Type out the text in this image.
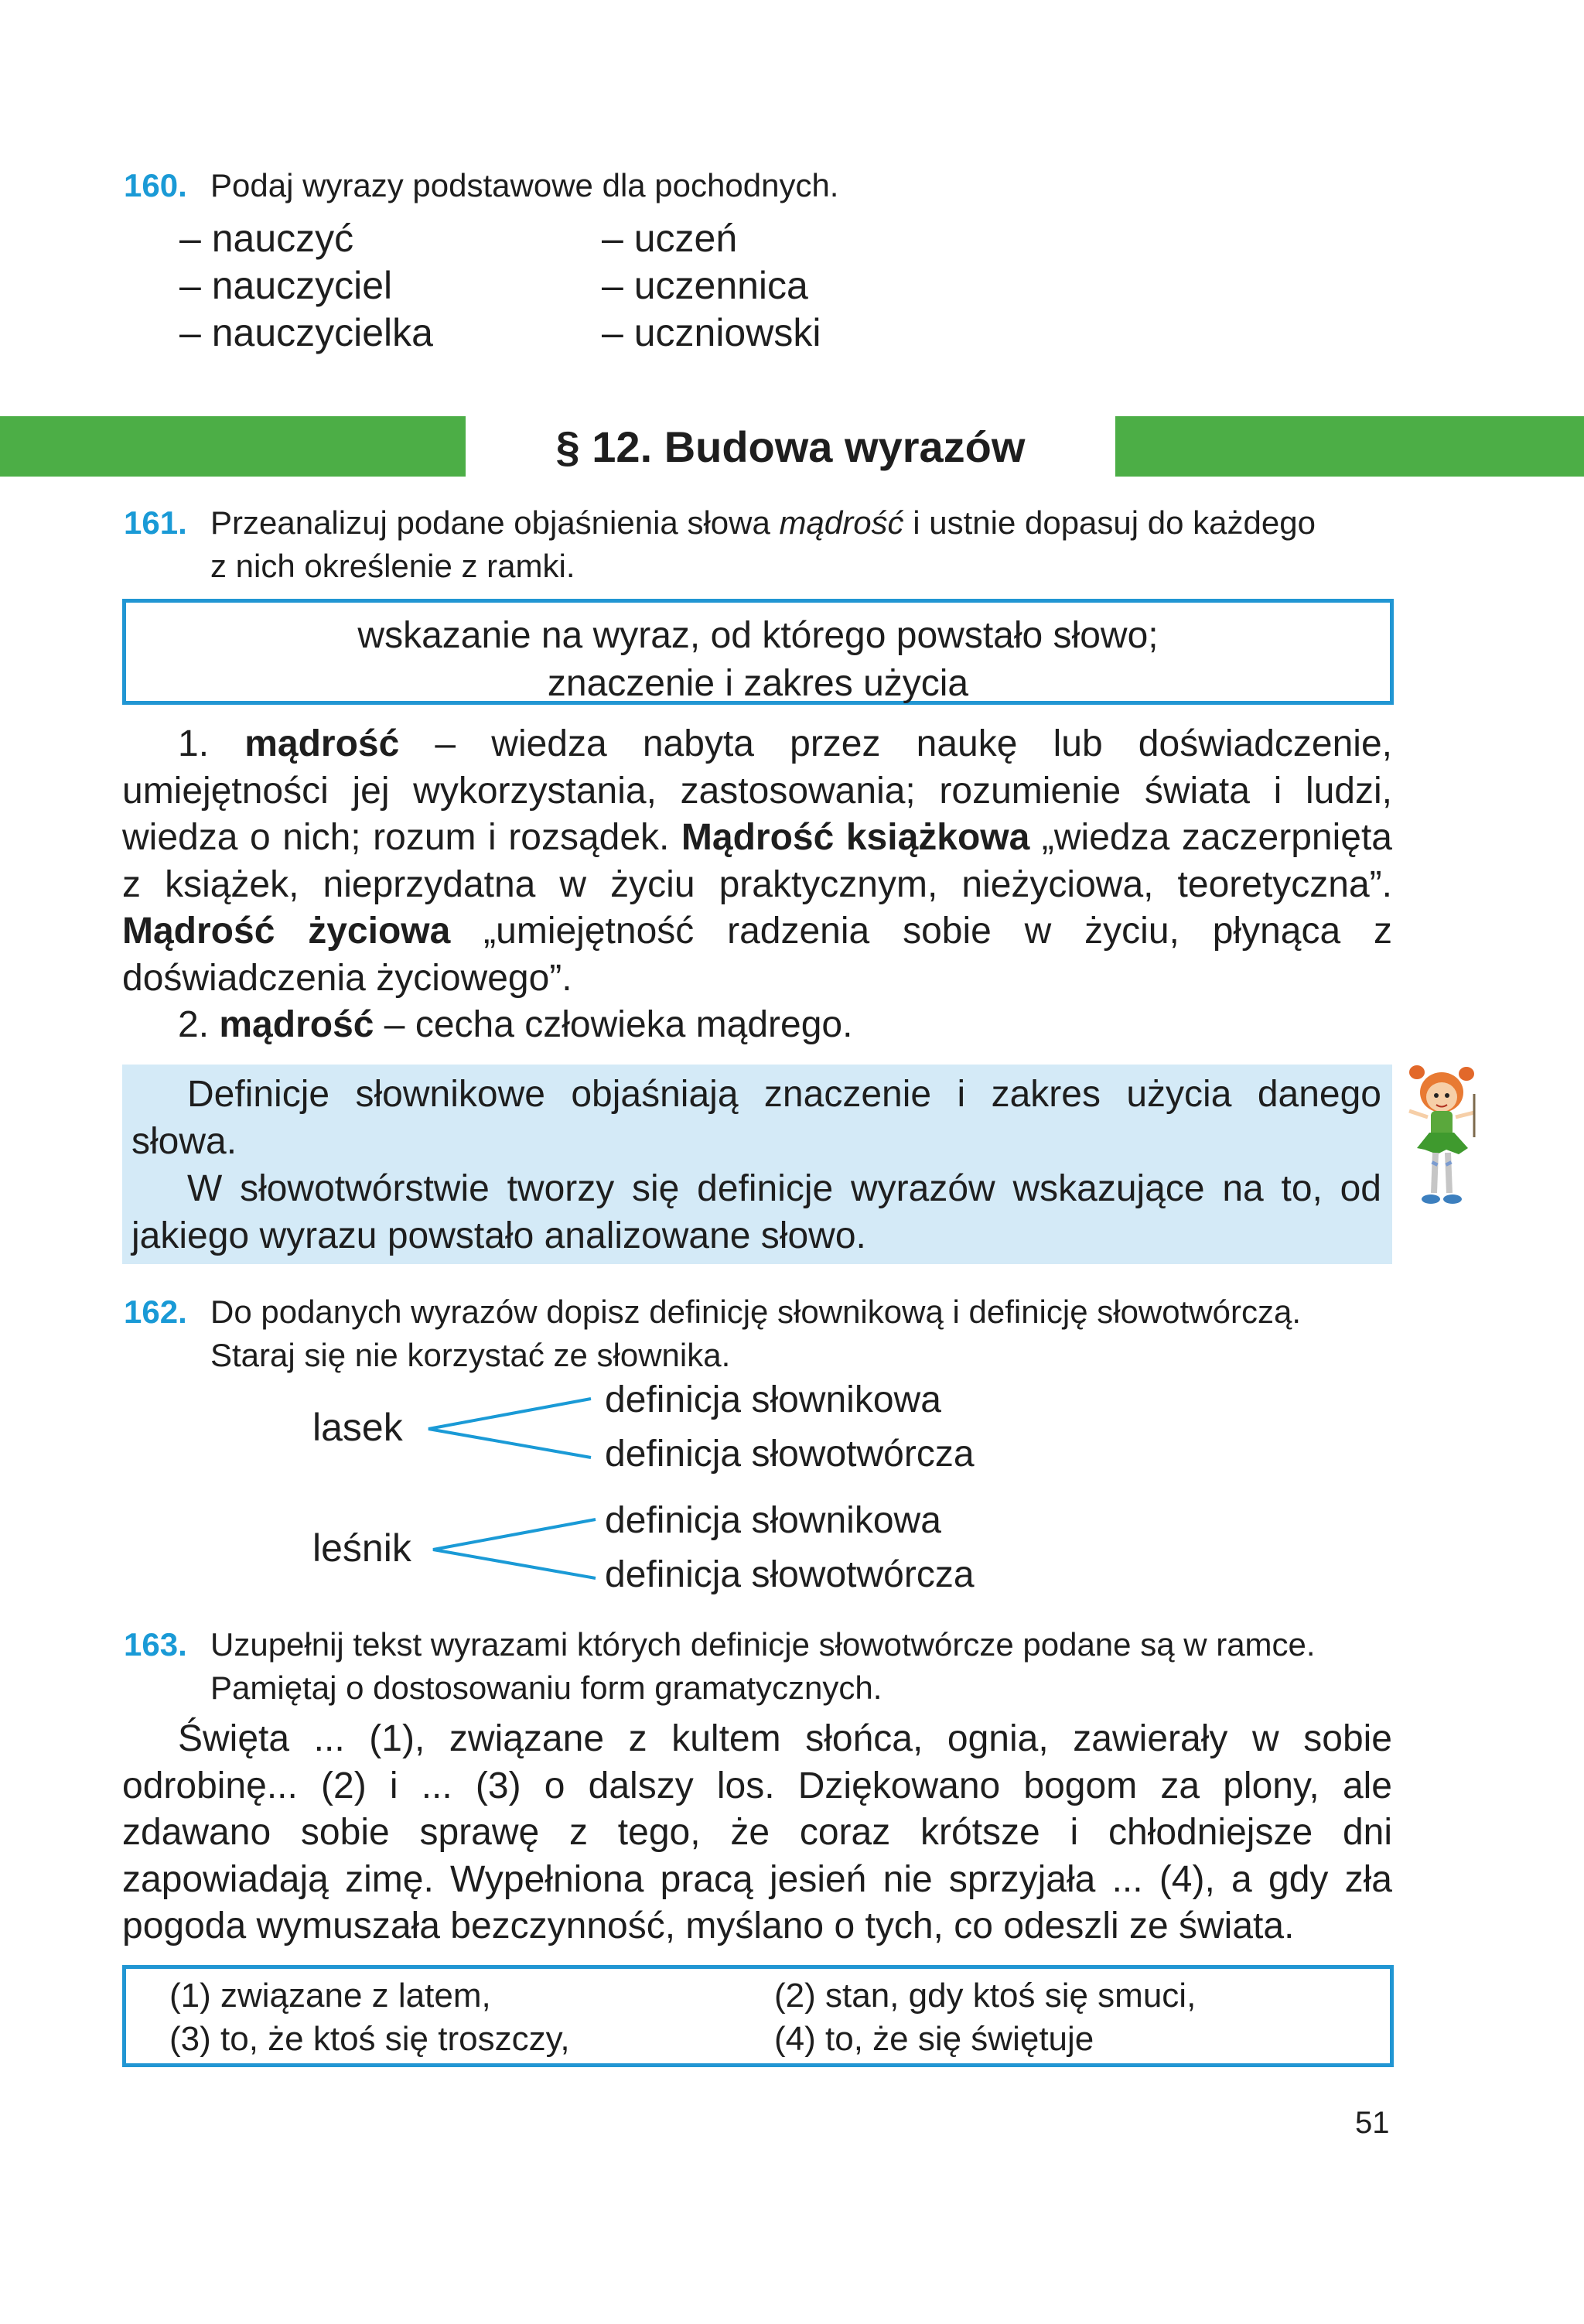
160. Podaj wyrazy podstawowe dla pochodnych.
– nauczyć
– nauczyciel
– nauczycielka
– uczeń
– uczennica
– uczniowski
§ 12. Budowa wyrazów
161. Przeanalizuj podane objaśnienia słowa mądrość i ustnie dopasuj do każdego
z nich określenie z ramki.
wskazanie na wyraz, od którego powstało słowo;
znaczenie i zakres użycia

1. mądrość – wiedza nabyta przez naukę lub doświadczenie, umiejętności jej wykorzystania, zastosowania; rozumienie świata i ludzi, wiedza o nich; rozum i rozsądek. Mądrość książkowa „wiedza zaczerpnięta z książek, nieprzydatna w życiu praktycznym, nieżyciowa, teoretyczna”. Mądrość życiowa „umiejętność radzenia sobie w życiu, płynąca z doświadczenia życiowego”.

2. mądrość – cecha człowieka mądrego.

Definicje słownikowe objaśniają znaczenie i zakres użycia danego słowa.

W słowotwórstwie tworzy się definicje wyrazów wskazujące na to, od jakiego wyrazu powstało analizowane słowo.

162. Do podanych wyrazów dopisz definicję słownikową i definicję słowotwórczą.
Staraj się nie korzystać ze słownika.
lasek
definicja słownikowa
definicja słowotwórcza
leśnik
definicja słownikowa
definicja słowotwórcza
163. Uzupełnij tekst wyrazami których definicje słowotwórcze podane są w ramce.
Pamiętaj o dostosowaniu form gramatycznych.

Święta ... (1), związane z kultem słońca, ognia, zawierały w sobie odrobinę... (2) i ... (3) o dalszy los. Dziękowano bogom za plony, ale zdawano sobie sprawę z tego, że coraz krótsze i chłodniejsze dni zapowiadają zimę. Wypełniona pracą jesień nie sprzyjała ... (4), a gdy zła pogoda wymuszała bezczynność, myślano o tych, co odeszli ze świata.

(1) związane z latem,	(2) stan, gdy ktoś się smuci,
(3) to, że ktoś się troszczy,	(4) to, że się świętuje
51
